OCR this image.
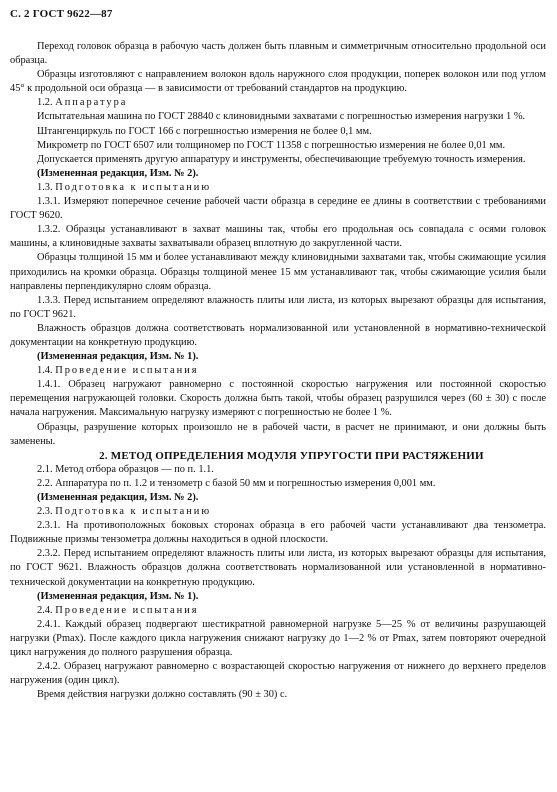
С. 2 ГОСТ 9622—87

Переход головок образца в рабочую часть должен быть плавным и симметричным относительно продольной оси образца.

Образцы изготовляют с направлением волокон вдоль наружного слоя продукции, поперек волокон или под углом 45° к продольной оси образца — в зависимости от требований стандартов на продукцию.

1.2. Аппаратура

Испытательная машина по ГОСТ 28840 с клиновидными захватами с погрешностью измерения нагрузки 1 %.

Штангенциркуль по ГОСТ 166 с погрешностью измерения не более 0,1 мм.

Микрометр по ГОСТ 6507 или толщиномер по ГОСТ 11358 с погрешностью измерения не более 0,01 мм.

Допускается применять другую аппаратуру и инструменты, обеспечивающие требуемую точность измерения.

(Измененная редакция, Изм. № 2).

1.3. Подготовка к испытанию

1.3.1. Измеряют поперечное сечение рабочей части образца в середине ее длины в соответствии с требованиями ГОСТ 9620.

1.3.2. Образцы устанавливают в захват машины так, чтобы его продольная ось совпадала с осями головок машины, а клиновидные захваты захватывали образец вплотную до закругленной части.

Образцы толщиной 15 мм и более устанавливают между клиновидными захватами так, чтобы сжимающие усилия приходились на кромки образца. Образцы толщиной менее 15 мм устанавливают так, чтобы сжимающие усилия были направлены перпендикулярно слоям образца.

1.3.3. Перед испытанием определяют влажность плиты или листа, из которых вырезают образцы для испытания, по ГОСТ 9621.

Влажность образцов должна соответствовать нормализованной или установленной в нормативно-технической документации на конкретную продукцию.

(Измененная редакция, Изм. № 1).

1.4. Проведение испытания

1.4.1. Образец нагружают равномерно с постоянной скоростью нагружения или постоянной скоростью перемещения нагружающей головки. Скорость должна быть такой, чтобы образец разрушился через (60 ± 30) с после начала нагружения. Максимальную нагрузку измеряют с погрешностью не более 1 %.

Образцы, разрушение которых произошло не в рабочей части, в расчет не принимают, и они должны быть заменены.

2. МЕТОД ОПРЕДЕЛЕНИЯ МОДУЛЯ УПРУГОСТИ ПРИ РАСТЯЖЕНИИ

2.1. Метод отбора образцов — по п. 1.1.

2.2. Аппаратура по п. 1.2 и тензометр с базой 50 мм и погрешностью измерения 0,001 мм.

(Измененная редакция, Изм. № 2).

2.3. Подготовка к испытанию

2.3.1. На противоположных боковых сторонах образца в его рабочей части устанавливают два тензометра. Подвижные призмы тензометра должны находиться в одной плоскости.

2.3.2. Перед испытанием определяют влажность плиты или листа, из которых вырезают образцы для испытания, по ГОСТ 9621. Влажность образцов должна соответствовать нормализованной или установленной в нормативно-технической документации на конкретную продукцию.

(Измененная редакция, Изм. № 1).

2.4. Проведение испытания

2.4.1. Каждый образец подвергают шестикратной равномерной нагрузке 5—25 % от величины разрушающей нагрузки (Pmax). После каждого цикла нагружения снижают нагрузку до 1—2 % от Pmax, затем повторяют очередной цикл нагружения до полного разрушения образца.

2.4.2. Образец нагружают равномерно с возрастающей скоростью нагружения от нижнего до верхнего пределов нагружения (один цикл).

Время действия нагрузки должно составлять (90 ± 30) с.
